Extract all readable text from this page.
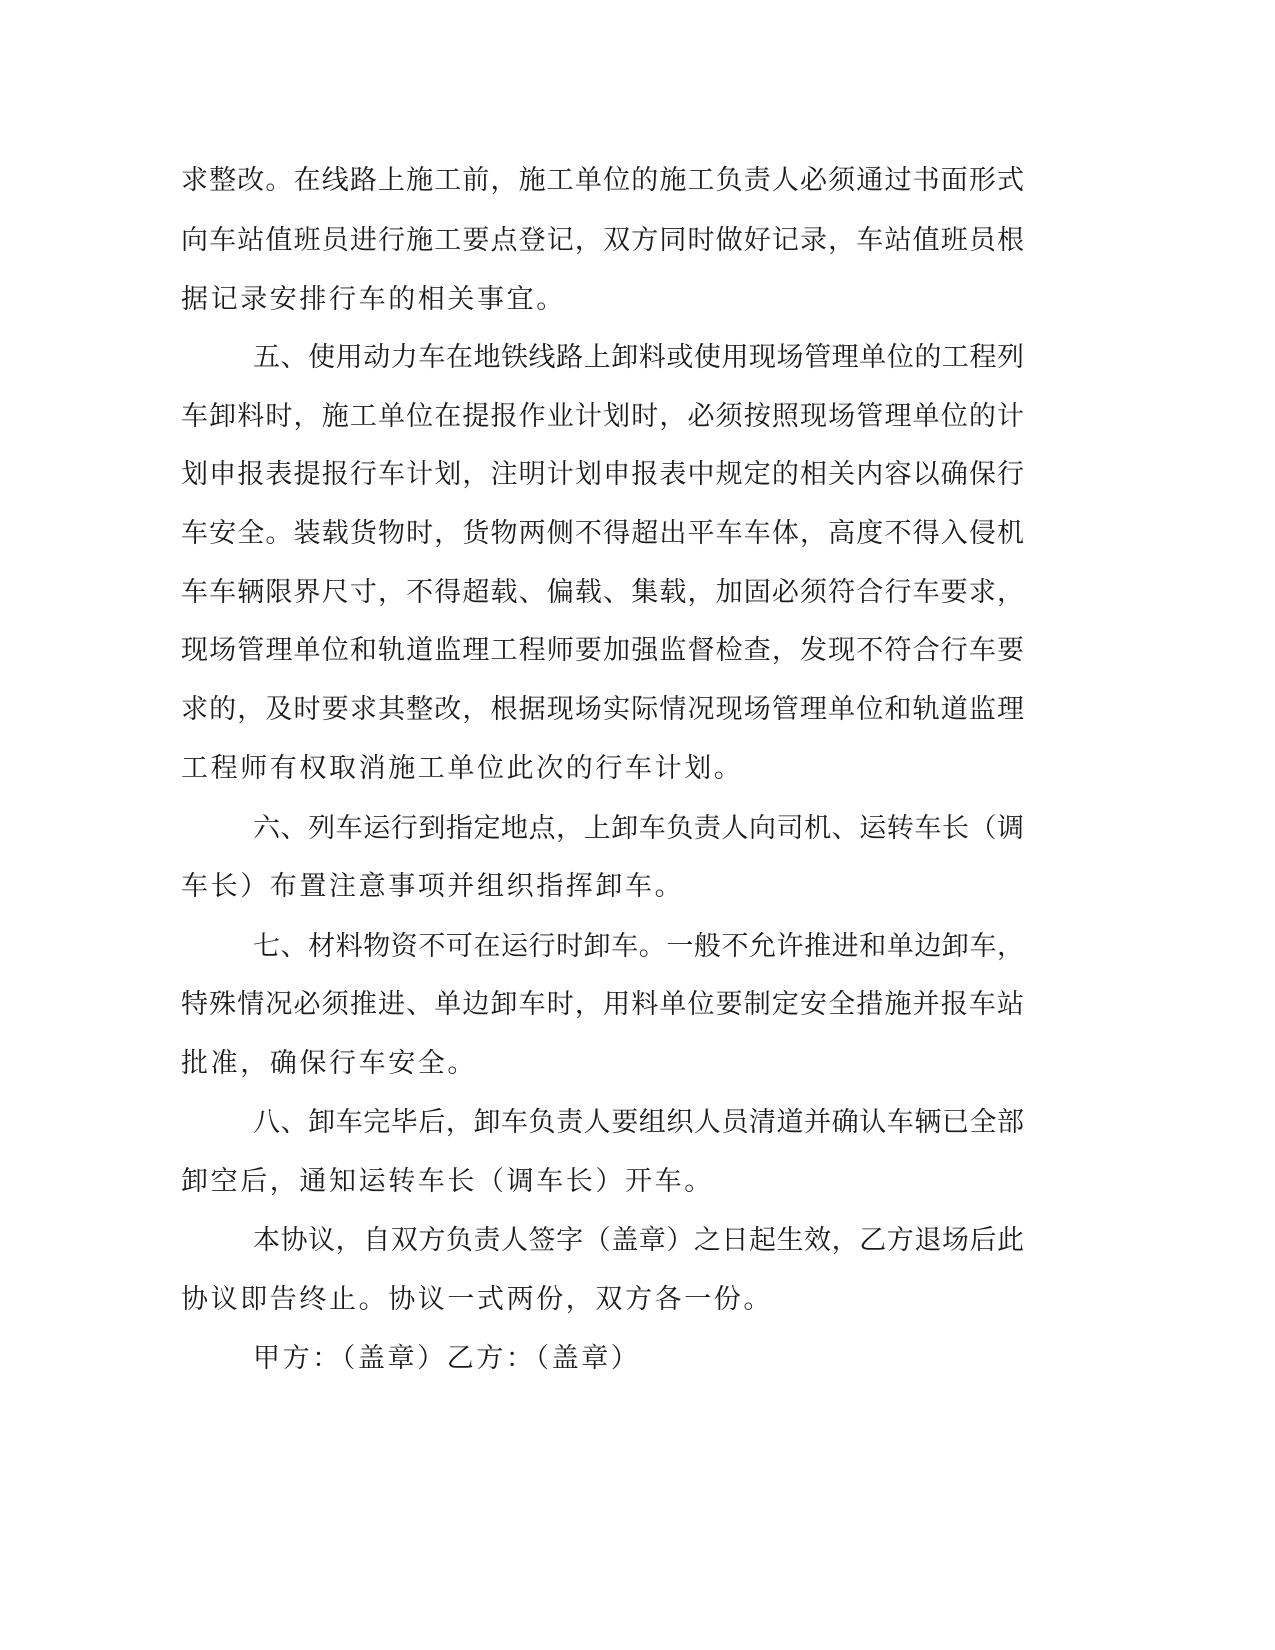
求整改。在线路上施工前，施工单位的施工负责人必须通过书面形式
向车站值班员进行施工要点登记，双方同时做好记录，车站值班员根
据记录安排行车的相关事宜。
五、使用动力车在地铁线路上卸料或使用现场管理单位的工程列
车卸料时，施工单位在提报作业计划时，必须按照现场管理单位的计
划申报表提报行车计划，注明计划申报表中规定的相关内容以确保行
车安全。装载货物时，货物两侧不得超出平车车体，高度不得入侵机
车车辆限界尺寸，不得超载、偏载、集载，加固必须符合行车要求，
现场管理单位和轨道监理工程师要加强监督检查，发现不符合行车要
求的，及时要求其整改，根据现场实际情况现场管理单位和轨道监理
工程师有权取消施工单位此次的行车计划。
六、列车运行到指定地点，上卸车负责人向司机、运转车长（调
车长）布置注意事项并组织指挥卸车。
七、材料物资不可在运行时卸车。一般不允许推进和单边卸车，
特殊情况必须推进、单边卸车时，用料单位要制定安全措施并报车站
批准，确保行车安全。
八、卸车完毕后，卸车负责人要组织人员清道并确认车辆已全部
卸空后，通知运转车长（调车长）开车。
本协议，自双方负责人签字（盖章）之日起生效，乙方退场后此
协议即告终止。协议一式两份，双方各一份。
甲方：（盖章）乙方：（盖章）
